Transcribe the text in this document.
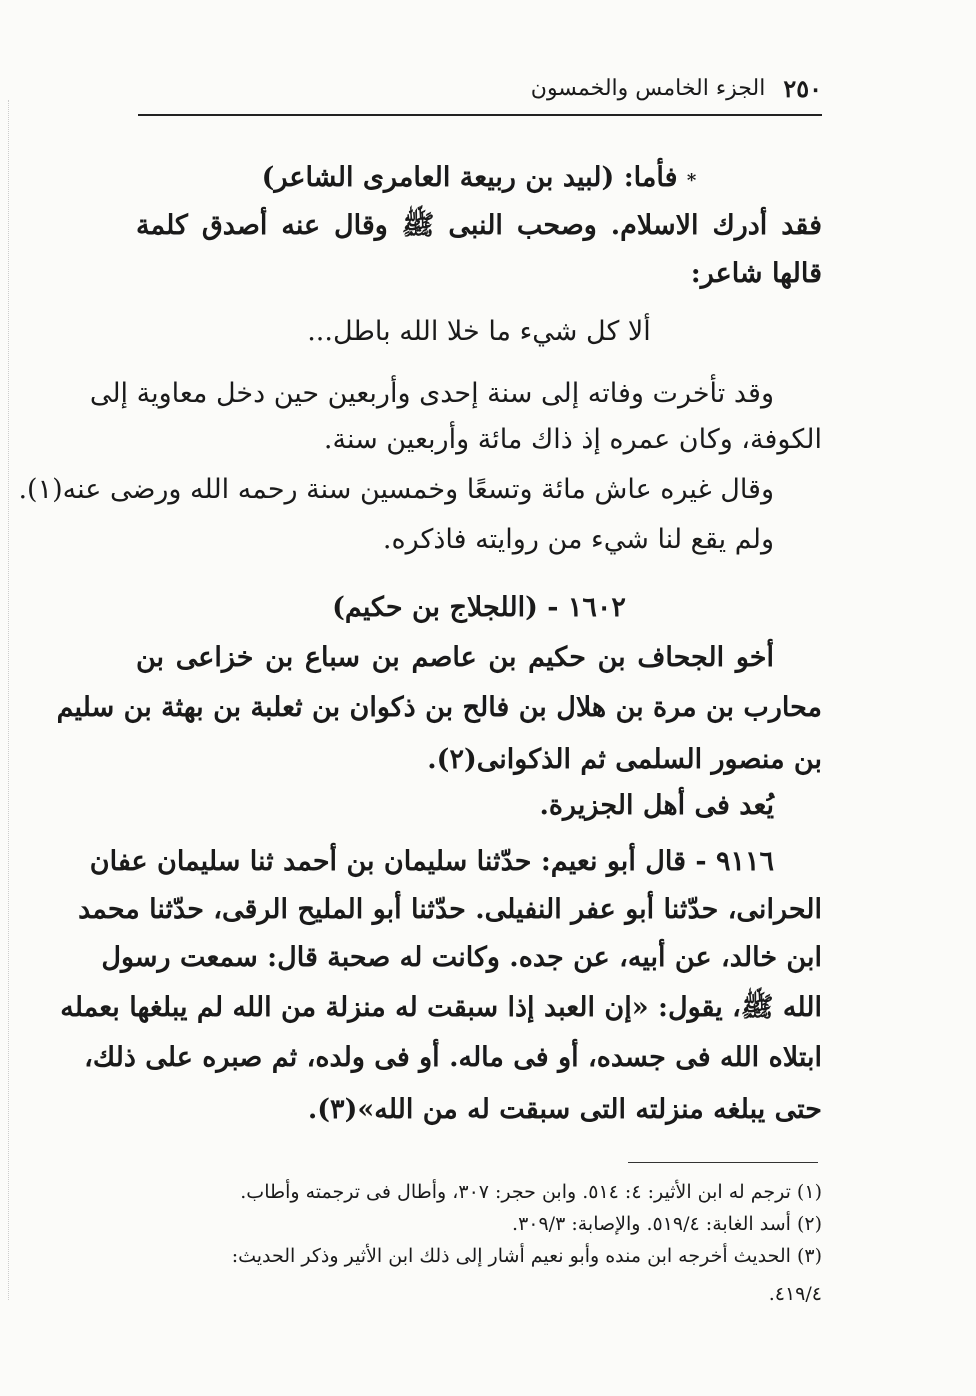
٢٥٠
الجزء الخامس والخمسون
* فأما: (لبيد بن ربيعة العامرى الشاعر)
فقد أدرك الاسلام. وصحب النبى ﷺ وقال عنه أصدق كلمة
قالها شاعر:
ألا كل شيء ما خلا الله باطل...
وقد تأخرت وفاته إلى سنة إحدى وأربعين حين دخل معاوية إلى
الكوفة، وكان عمره إذ ذاك مائة وأربعين سنة.
وقال غيره عاش مائة وتسعًا وخمسين سنة رحمه الله ورضى عنه(١).
ولم يقع لنا شيء من روايته فاذكره.
١٦٠٢ - (اللجلاج بن حكيم)
أخو الجحاف بن حكيم بن عاصم بن سباع بن خزاعى بن
محارب بن مرة بن هلال بن فالح بن ذكوان بن ثعلبة بن بهثة بن سليم
بن منصور السلمى ثم الذكوانى(٢).
يُعد فى أهل الجزيرة.
٩١١٦ - قال أبو نعيم: حدّثنا سليمان بن أحمد ثنا سليمان عفان
الحرانى، حدّثنا أبو عفر النفيلى. حدّثنا أبو المليح الرقى، حدّثنا محمد
ابن خالد، عن أبيه، عن جده. وكانت له صحبة قال: سمعت رسول
الله ﷺ، يقول: «إن العبد إذا سبقت له منزلة من الله لم يبلغها بعمله
ابتلاه الله فى جسده، أو فى ماله. أو فى ولده، ثم صبره على ذلك،
حتى يبلغه منزلته التى سبقت له من الله»(٣).
(١) ترجم له ابن الأثير: ٤: ٥١٤. وابن حجر: ٣٠٧، وأطال فى ترجمته وأطاب.
(٢) أسد الغابة: ٥١٩/٤. والإصابة: ٣٠٩/٣.
(٣) الحديث أخرجه ابن منده وأبو نعيم أشار إلى ذلك ابن الأثير وذكر الحديث:
٤١٩/٤.
